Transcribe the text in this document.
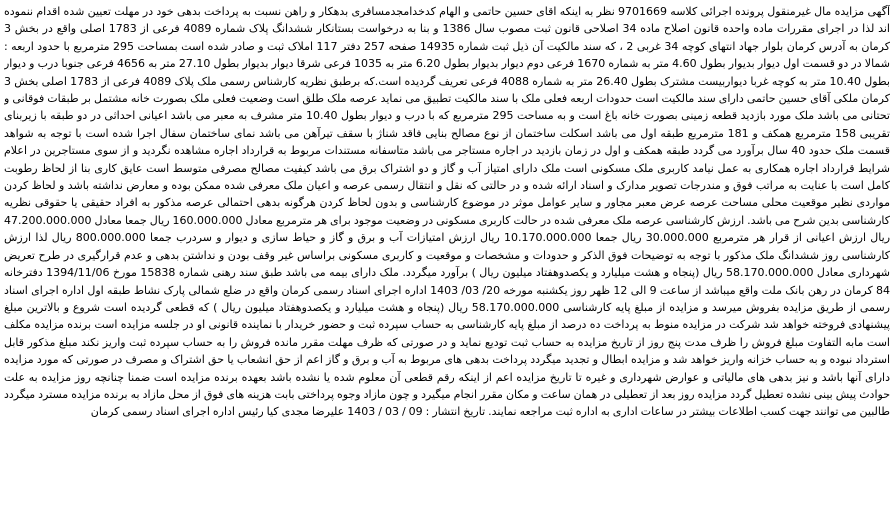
آگهی مزایده مال غیرمنقول پرونده اجرائی کلاسه 9701669 نظر به اینکه اقای حسین حاتمی و الهام کدخدامجدمسافری بدهکار و راهن نسبت به پرداخت بدهی خود در مهلت تعیین شده اقدام ننموده اند لذا در اجرای مقررات ماده واحده قانون اصلاح ماده 34 اصلاحی قانون ثبت مصوب سال 1386 و بنا به درخواست بستانکار ششدانگ پلاک شماره 4089 فرعی از 1783 اصلی واقع در بخش 3 کرمان به آدرس کرمان بلوار جهاد انتهای کوچه 34 غربی 2 ، که سند مالکیت آن ذیل ثبت شماره 14935 صفحه 257 دفتر 117 املاک ثبت و صادر شده است بمساحت 295 مترمربع با حدود اربعه : شمالا در دو قسمت اول دیوار بدیوار بطول 4.60 متر به شماره 1670 فرعی دوم دیوار بدیوار بطول 6.20 متر به 1035 فرعی شرقا دیوار بدیوار بطول 27.10 متر به 4656 فرعی جنوبا درب و دیوار بطول 10.40 متر به کوچه غربا دیواربیست مشترک بطول 26.40 متر به شماره 4088 فرعی تعریف گردیده است.که برطبق نظریه کارشناس رسمی ملک پلاک 4089 فرعی از 1783 اصلی بخش 3 کرمان ملکی آقای حسین حاتمی دارای سند مالکیت است حدودات اربعه فعلی ملک با سند مالکیت تطبیق می نماید عرصه ملک طلق است وضعیت فعلی ملک بصورت خانه مشتمل بر طبقات فوقانی و تحتانی می باشد ملک مورد بازدید قطعه زمینی بصورت خانه باغ است و به مساحت 295 مترمربع که با درب و دیوار بطول 10.40 متر مشرف به معبر می باشد اعیانی احداثی در دو طبقه با زیربنای تقریبی 158 مترمربع همکف و 181 مترمربع طبقه اول می باشد اسکلت ساختمان از نوع مصالح بنایی فاقد شناژ با سقف تیرآهن می باشد نمای ساختمان سفال اجرا شده است با توجه به شواهد قسمت ملک حدود 40 سال برآورد می گردد طبقه همکف و اول در زمان بازدید در اجاره مستاجر می باشد متاسفانه مستندات مربوط به قرارداد اجاره مشاهده نگردید و از سوی مستاجرین در اعلام شرایط قرارداد اجاره همکاری به عمل نیامد کاربری ملک مسکونی است ملک دارای امتیاز آب و گاز و دو اشتراک برق می باشد کیفیت مصالح مصرفی متوسط است عایق کاری بنا از لحاظ رطوبت کامل است با عنایت به مراتب فوق و مندرجات تصویر مدارک و اسناد ارائه شده و در حالتی که نقل و انتقال رسمی عرصه و اعیان ملک معرفی شده ممکن بوده و معارض نداشته باشد و لحاظ کردن مواردی نظیر موقعیت محلی مساحت عرصه عرض معبر مجاور و سایر عوامل موثر در موضوع کارشناسی و بدون لحاظ کردن هرگونه بدهی احتمالی عرصه مذکور به افراد حقیقی یا حقوقی نظریه کارشناسی بدین شرح می باشد. ارزش کارشناسی عرصه ملک معرفی شده در حالت کاربری مسکونی در وضعیت موجود برای هر مترمربع معادل 160.000.000 ریال جمعا معادل 47.200.000.000 ریال ارزش اعیانی از قرار هر مترمربع 30.000.000 ریال جمعا 10.170.000.000 ریال ارزش امتیازات آب و برق و گاز و حیاط سازی و دیوار و سردرب جمعا 800.000.000 ریال لذا ارزش کارشناسی روز ششدانگ ملک مذکور با توجه به توضیحات فوق الذکر و حدودات و مشخصات و موقعیت و کاربری مسکونی براساس غیر وقف بودن و نداشتن بدهی و عدم قرارگیری در طرح تعریض شهرداری معادل 58.170.000.000 ریال (پنجاه و هشت میلیارد و یکصدوهفتاد میلیون ریال ) برآورد میگردد. ملک دارای بیمه می باشد طبق سند رهنی شماره 15838 مورخ 1394/11/06 دفترخانه 84 کرمان در رهن بانک ملت واقع میباشد از ساعت 9 الی 12 ظهر روز یکشنبه مورخه 20/ 03/ 1403 اداره اجرای اسناد رسمی کرمان واقع در ضلع شمالی پارک نشاط طبقه اول اداره اجرای اسناد رسمی از طریق مزایده بفروش میرسد و مزایده از مبلغ پایه کارشناسی 58.170.000.000 ریال (پنجاه و هشت میلیارد و یکصدوهفتاد میلیون ریال ) که قطعی گردیده است شروع و بالاترین مبلغ پیشنهادی فروخته خواهد شد شرکت در مزایده منوط به پرداخت ده درصد از مبلغ پایه کارشناسی به حساب سپرده ثبت و حضور خریدار با نماینده قانونی او در جلسه مزایده است برنده مزایده مکلف است مابه التفاوت مبلغ فروش را ظرف مدت پنج روز از تاریخ مزایده به حساب ثبت تودیع نماید و در صورتی که ظرف مهلت مقرر مانده فروش را به حساب سپرده ثبت واریز نکند مبلغ مذکور قابل استرداد نبوده و به حساب خزانه واریز خواهد شد و مزایده ابطال و تجدید میگردد پرداخت بدهی های مربوط به آب و برق و گاز اعم از حق انشعاب یا حق اشتراک و مصرف در صورتی که مورد مزایده دارای آنها باشد و نیز بدهی های مالیاتی و عوارض شهرداری و غیره تا تاریخ مزایده اعم از اینکه رقم قطعی آن معلوم شده یا نشده باشد بعهده برنده مزایده است ضمنا چنانچه روز مزایده به علت حوادث پیش بینی نشده تعطیل گردد مزایده روز بعد از تعطیلی در همان ساعت و مکان مقرر انجام میگیرد و چون مازاد وجوه پرداختی بابت هزینه های فوق از محل مازاد به برنده مزایده مسترد میگردد طالبین می توانند جهت کسب اطلاعات بیشتر در ساعات اداری به اداره ثبت مراجعه نمایند. تاریخ انتشار : 09 / 03 / 1403 علیرضا مجدی کیا رئیس اداره اجرای اسناد رسمی کرمان
